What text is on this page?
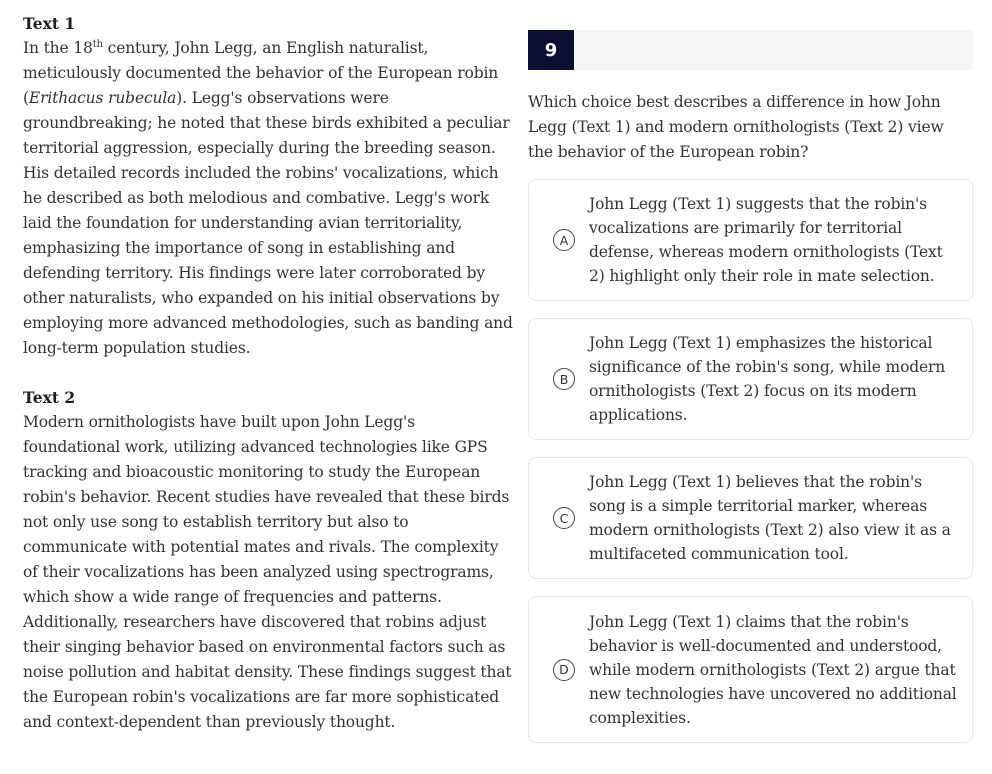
Text 1
In the 18th century, John Legg, an English naturalist, meticulously documented the behavior of the European robin (Erithacus rubecula). Legg's observations were groundbreaking; he noted that these birds exhibited a peculiar territorial aggression, especially during the breeding season. His detailed records included the robins' vocalizations, which he described as both melodious and combative. Legg's work laid the foundation for understanding avian territoriality, emphasizing the importance of song in establishing and defending territory. His findings were later corroborated by other naturalists, who expanded on his initial observations by employing more advanced methodologies, such as banding and long-term population studies.
Text 2
Modern ornithologists have built upon John Legg's foundational work, utilizing advanced technologies like GPS tracking and bioacoustic monitoring to study the European robin's behavior. Recent studies have revealed that these birds not only use song to establish territory but also to communicate with potential mates and rivals. The complexity of their vocalizations has been analyzed using spectrograms, which show a wide range of frequencies and patterns. Additionally, researchers have discovered that robins adjust their singing behavior based on environmental factors such as noise pollution and habitat density. These findings suggest that the European robin's vocalizations are far more sophisticated and context-dependent than previously thought.
9
Which choice best describes a difference in how John Legg (Text 1) and modern ornithologists (Text 2) view the behavior of the European robin?
A
John Legg (Text 1) suggests that the robin's vocalizations are primarily for territorial defense, whereas modern ornithologists (Text 2) highlight only their role in mate selection.
B
John Legg (Text 1) emphasizes the historical significance of the robin's song, while modern ornithologists (Text 2) focus on its modern applications.
C
John Legg (Text 1) believes that the robin's song is a simple territorial marker, whereas modern ornithologists (Text 2) also view it as a multifaceted communication tool.
D
John Legg (Text 1) claims that the robin's behavior is well-documented and understood, while modern ornithologists (Text 2) argue that new technologies have uncovered no additional complexities.
